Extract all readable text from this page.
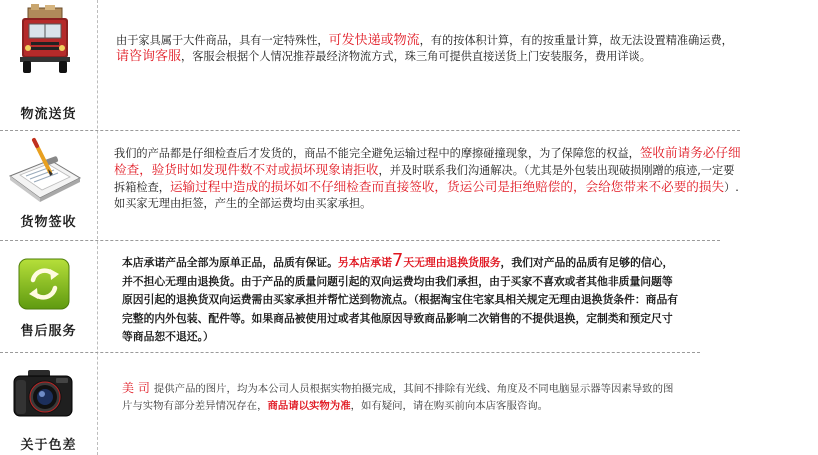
物流送货
由于家具属于大件商品，具有一定特殊性，可发快递或物流，有的按体积计算，有的按重量计算，故无法设置精准确运费，请咨询客服，客服会根据个人情况推荐最经济物流方式，珠三角可提供直接送货上门安装服务，费用详谈。
货物签收
我们的产品都是仔细检查后才发货的，商品不能完全避免运输过程中的摩擦碰撞现象，为了保障您的权益，签收前请务必仔细检查，验货时如发现件数不对或损坏现象请拒收，并及时联系我们沟通解决。（尤其是外包装出现破损刚蹭的痕迹,一定要拆箱检查，运输过程中造成的损坏如不仔细检查而直接签收，货运公司是拒绝赔偿的，会给您带来不必要的损失）.如买家无理由拒签，产生的全部运费均由买家承担。
售后服务
本店承诺产品全部为原单正品，品质有保证。另本店承诺7天无理由退换货服务，我们对产品的品质有足够的信心，并不担心无理由退换货。由于产品的质量问题引起的双向运费均由我们承担，由于买家不喜欢或者其他非质量问题等原因引起的退换货双向运费需由买家承担并帮忙送到物流点。（根据淘宝住宅家具相关规定无理由退换货条件：商品有完整的内外包装、配件等。如果商品被使用过或者其他原因导致商品影响二次销售的不提供退换，定制类和预定尺寸等商品恕不退还。）
关于色差
美 司 提供产品的图片，均为本公司人员根据实物拍摄完成，其间不排除有光线、角度及不同电脑显示器等因素导致的图片与实物有部分差异情况存在，商品请以实物为准，如有疑问，请在购买前向本店客服咨询。
